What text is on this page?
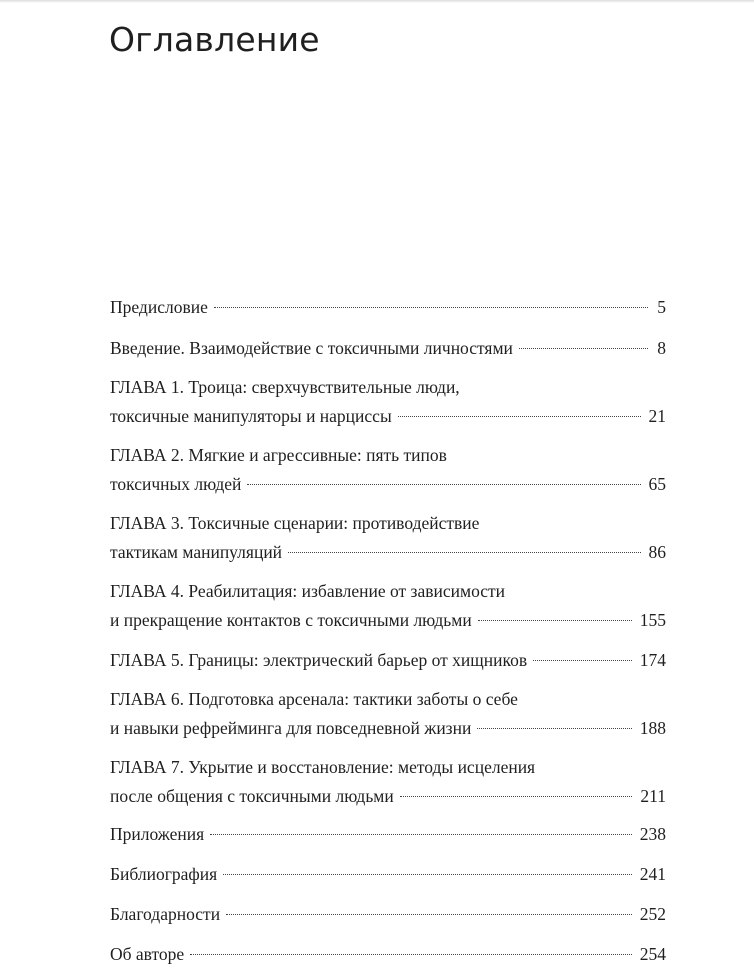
Оглавление
Предисловие	5
Введение. Взаимодействие с токсичными личностями	8
ГЛАВА 1. Троица: сверхчувствительные люди,
токсичные манипуляторы и нарциссы	21
ГЛАВА 2. Мягкие и агрессивные: пять типов
токсичных людей	65
ГЛАВА 3. Токсичные сценарии: противодействие
тактикам манипуляций	86
ГЛАВА 4. Реабилитация: избавление от зависимости
и прекращение контактов с токсичными людьми	155
ГЛАВА 5. Границы: электрический барьер от хищников	174
ГЛАВА 6. Подготовка арсенала: тактики заботы о себе
и навыки рефрейминга для повседневной жизни	188
ГЛАВА 7. Укрытие и восстановление: методы исцеления
после общения с токсичными людьми	211
Приложения	238
Библиография	241
Благодарности	252
Об авторе	254
